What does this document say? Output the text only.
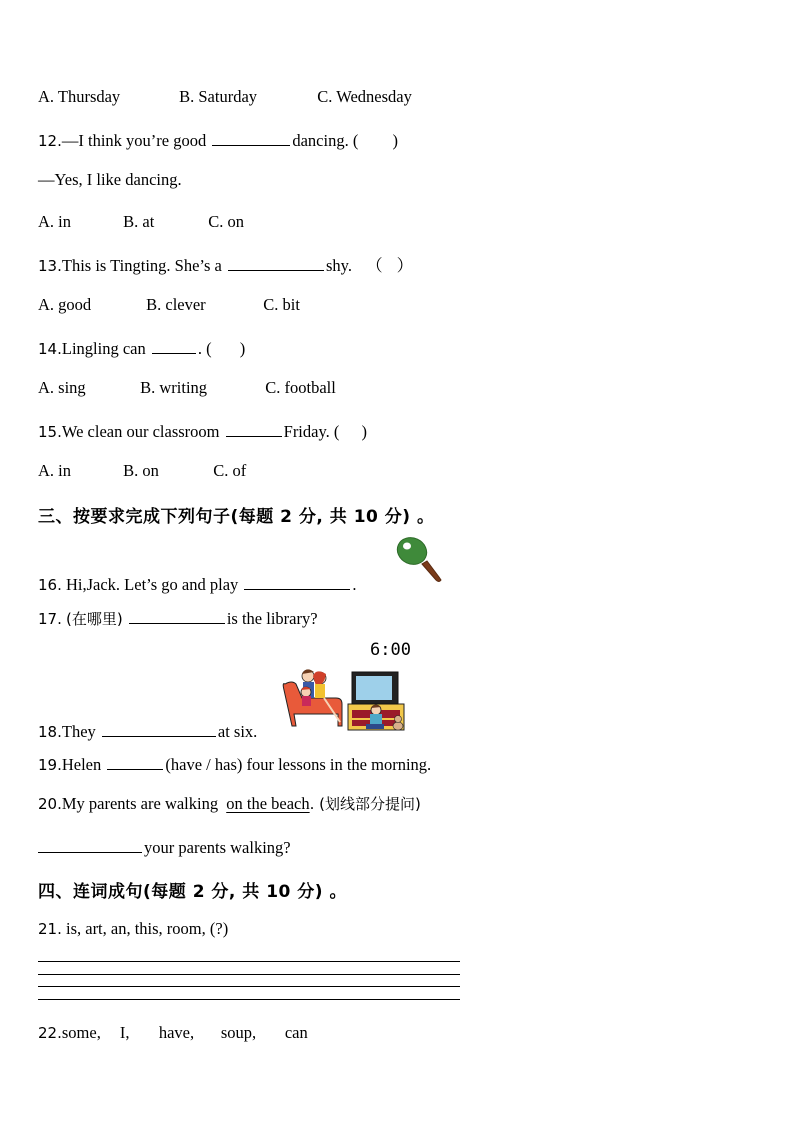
A. Thursday	B. Saturday	C. Wednesday
12.—I think you’re good	dancing. ( )
—Yes, I like dancing.
A. in	B. at	C. on
13.This is Tingting. She’s a	shy. （ ）
A. good	B. clever	C. bit
14.Lingling can	. ( )
A. sing	B. writing	C. football
15.We clean our classroom	Friday. ( )
A. in	B. on	C. of
三、按要求完成下列句子(每题 2 分, 共 10 分) 。
16. Hi,Jack. Let’s go and play	.
17. (在哪里)	is the library?
6:00
18.They	at six.
19.Helen	(have / has) four lessons in the morning.
20.My parents are walking on the beach. (划线部分提问)
your parents walking?
四、连词成句(每题 2 分, 共 10 分) 。
21. is, art, an, this, room, (?)
22.some, I, have, soup, can
